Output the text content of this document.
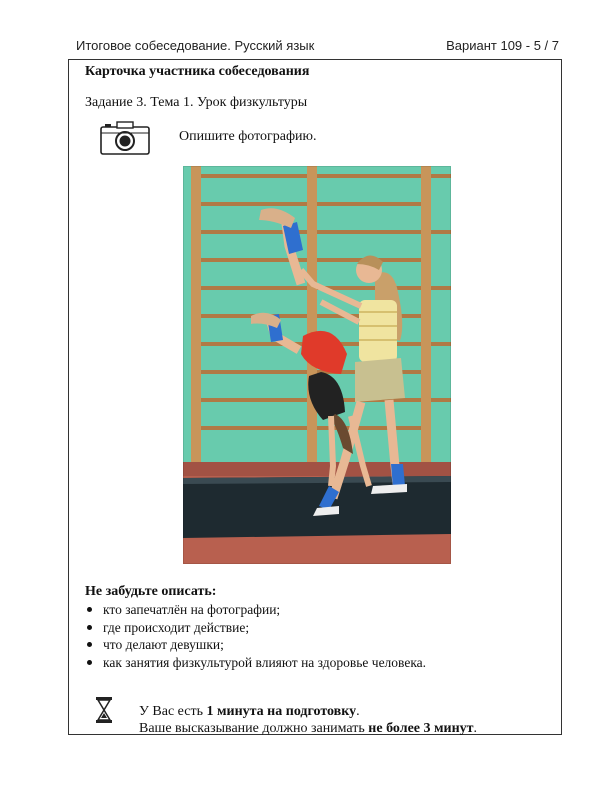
Итоговое собеседование. Русский язык	Вариант 109 - 5 / 7
Карточка участника собеседования
Задание 3. Тема 1. Урок физкультуры
Опишите фотографию.
Не забудьте описать:
кто запечатлён на фотографии;
где происходит действие;
что делают девушки;
как занятия физкультурой влияют на здоровье человека.
У Вас есть 1 минута на подготовку.
Ваше высказывание должно занимать не более 3 минут.
